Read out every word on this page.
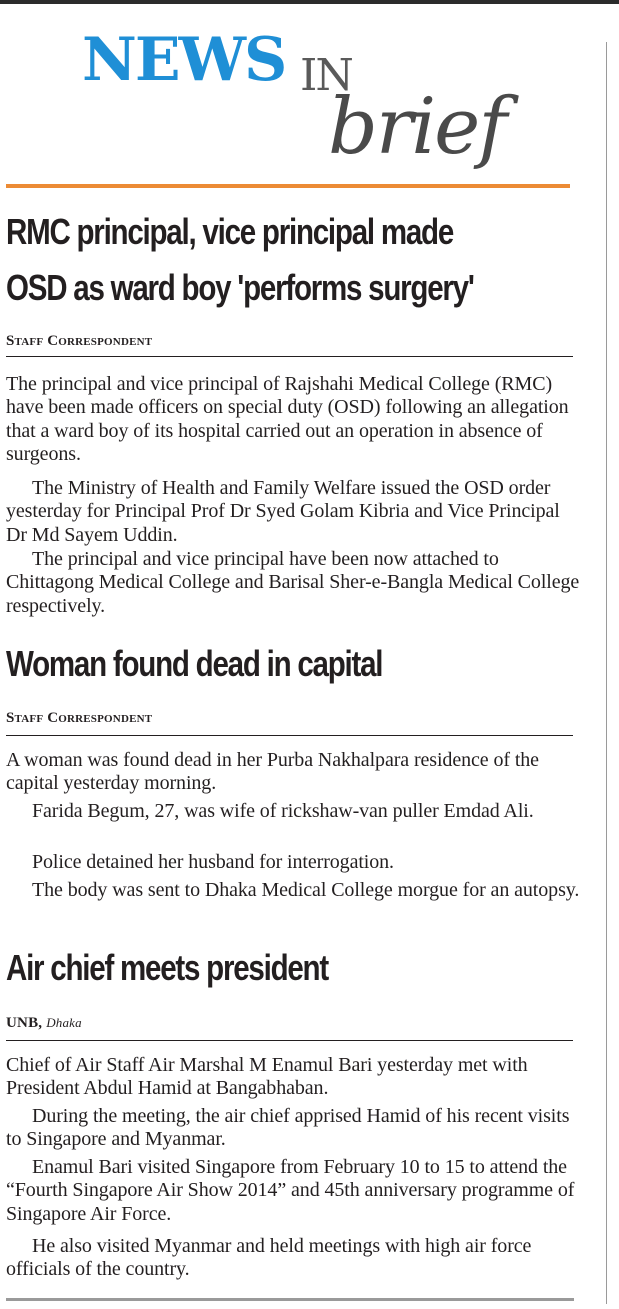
NEWS IN
brief
RMC principal, vice principal made
OSD as ward boy 'performs surgery'
Staff Correspondent

The principal and vice principal of Rajshahi Medical College (RMC) have been made officers on special duty (OSD) following an allegation that a ward boy of its hospital carried out an operation in absence of surgeons.

The Ministry of Health and Family Welfare issued the OSD order yesterday for Principal Prof Dr Syed Golam Kibria and Vice Principal Dr Md Sayem Uddin.

The principal and vice principal have been now attached to Chittagong Medical College and Barisal Sher-e-Bangla Medical College respectively.

Woman found dead in capital
Staff Correspondent

A woman was found dead in her Purba Nakhalpara residence of the capital yesterday morning.

Farida Begum, 27, was wife of rickshaw-van puller Emdad Ali.

Police detained her husband for interrogation.

The body was sent to Dhaka Medical College morgue for an autopsy.

Air chief meets president
UNB, Dhaka

Chief of Air Staff Air Marshal M Enamul Bari yesterday met with President Abdul Hamid at Bangabhaban.

During the meeting, the air chief apprised Hamid of his recent visits to Singapore and Myanmar.

Enamul Bari visited Singapore from February 10 to 15 to attend the “Fourth Singapore Air Show 2014” and 45th anniversary programme of Singapore Air Force.

He also visited Myanmar and held meetings with high air force officials of the country.
